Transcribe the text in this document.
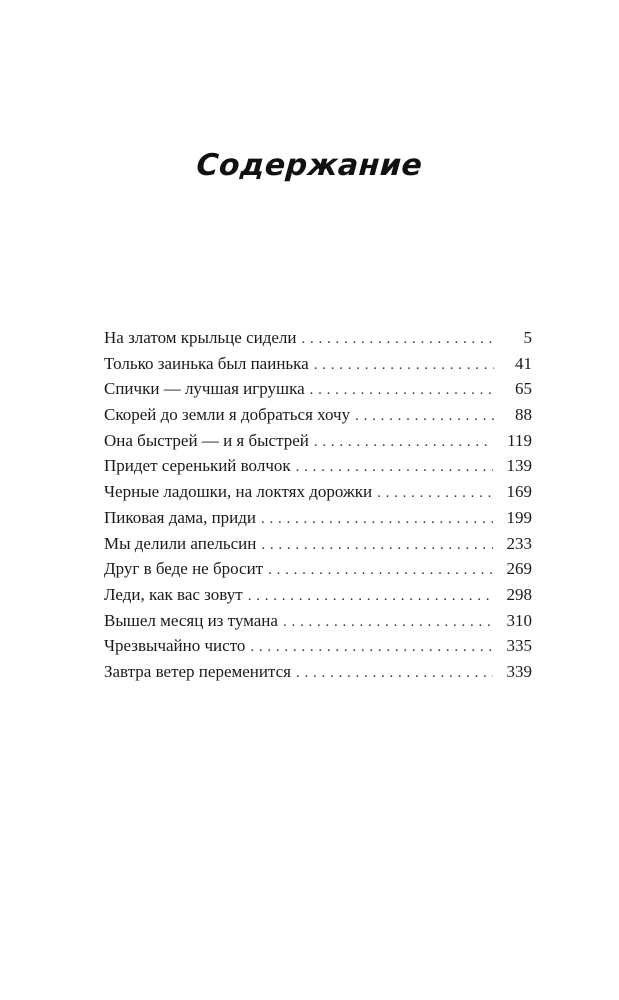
Содержание
На златом крыльце сидели . . .	5
Только заинька был паинька . . .	41
Спички — лучшая игрушка . . .	65
Скорей до земли я добраться хочу . . .	88
Она быстрей — и я быстрей . . .	119
Придет серенький волчок . . .	139
Черные ладошки, на локтях дорожки . . .	169
Пиковая дама, приди . . .	199
Мы делили апельсин . . .	233
Друг в беде не бросит . . .	269
Леди, как вас зовут . . .	298
Вышел месяц из тумана . . .	310
Чрезвычайно чисто . . .	335
Завтра ветер переменится . . .	339
